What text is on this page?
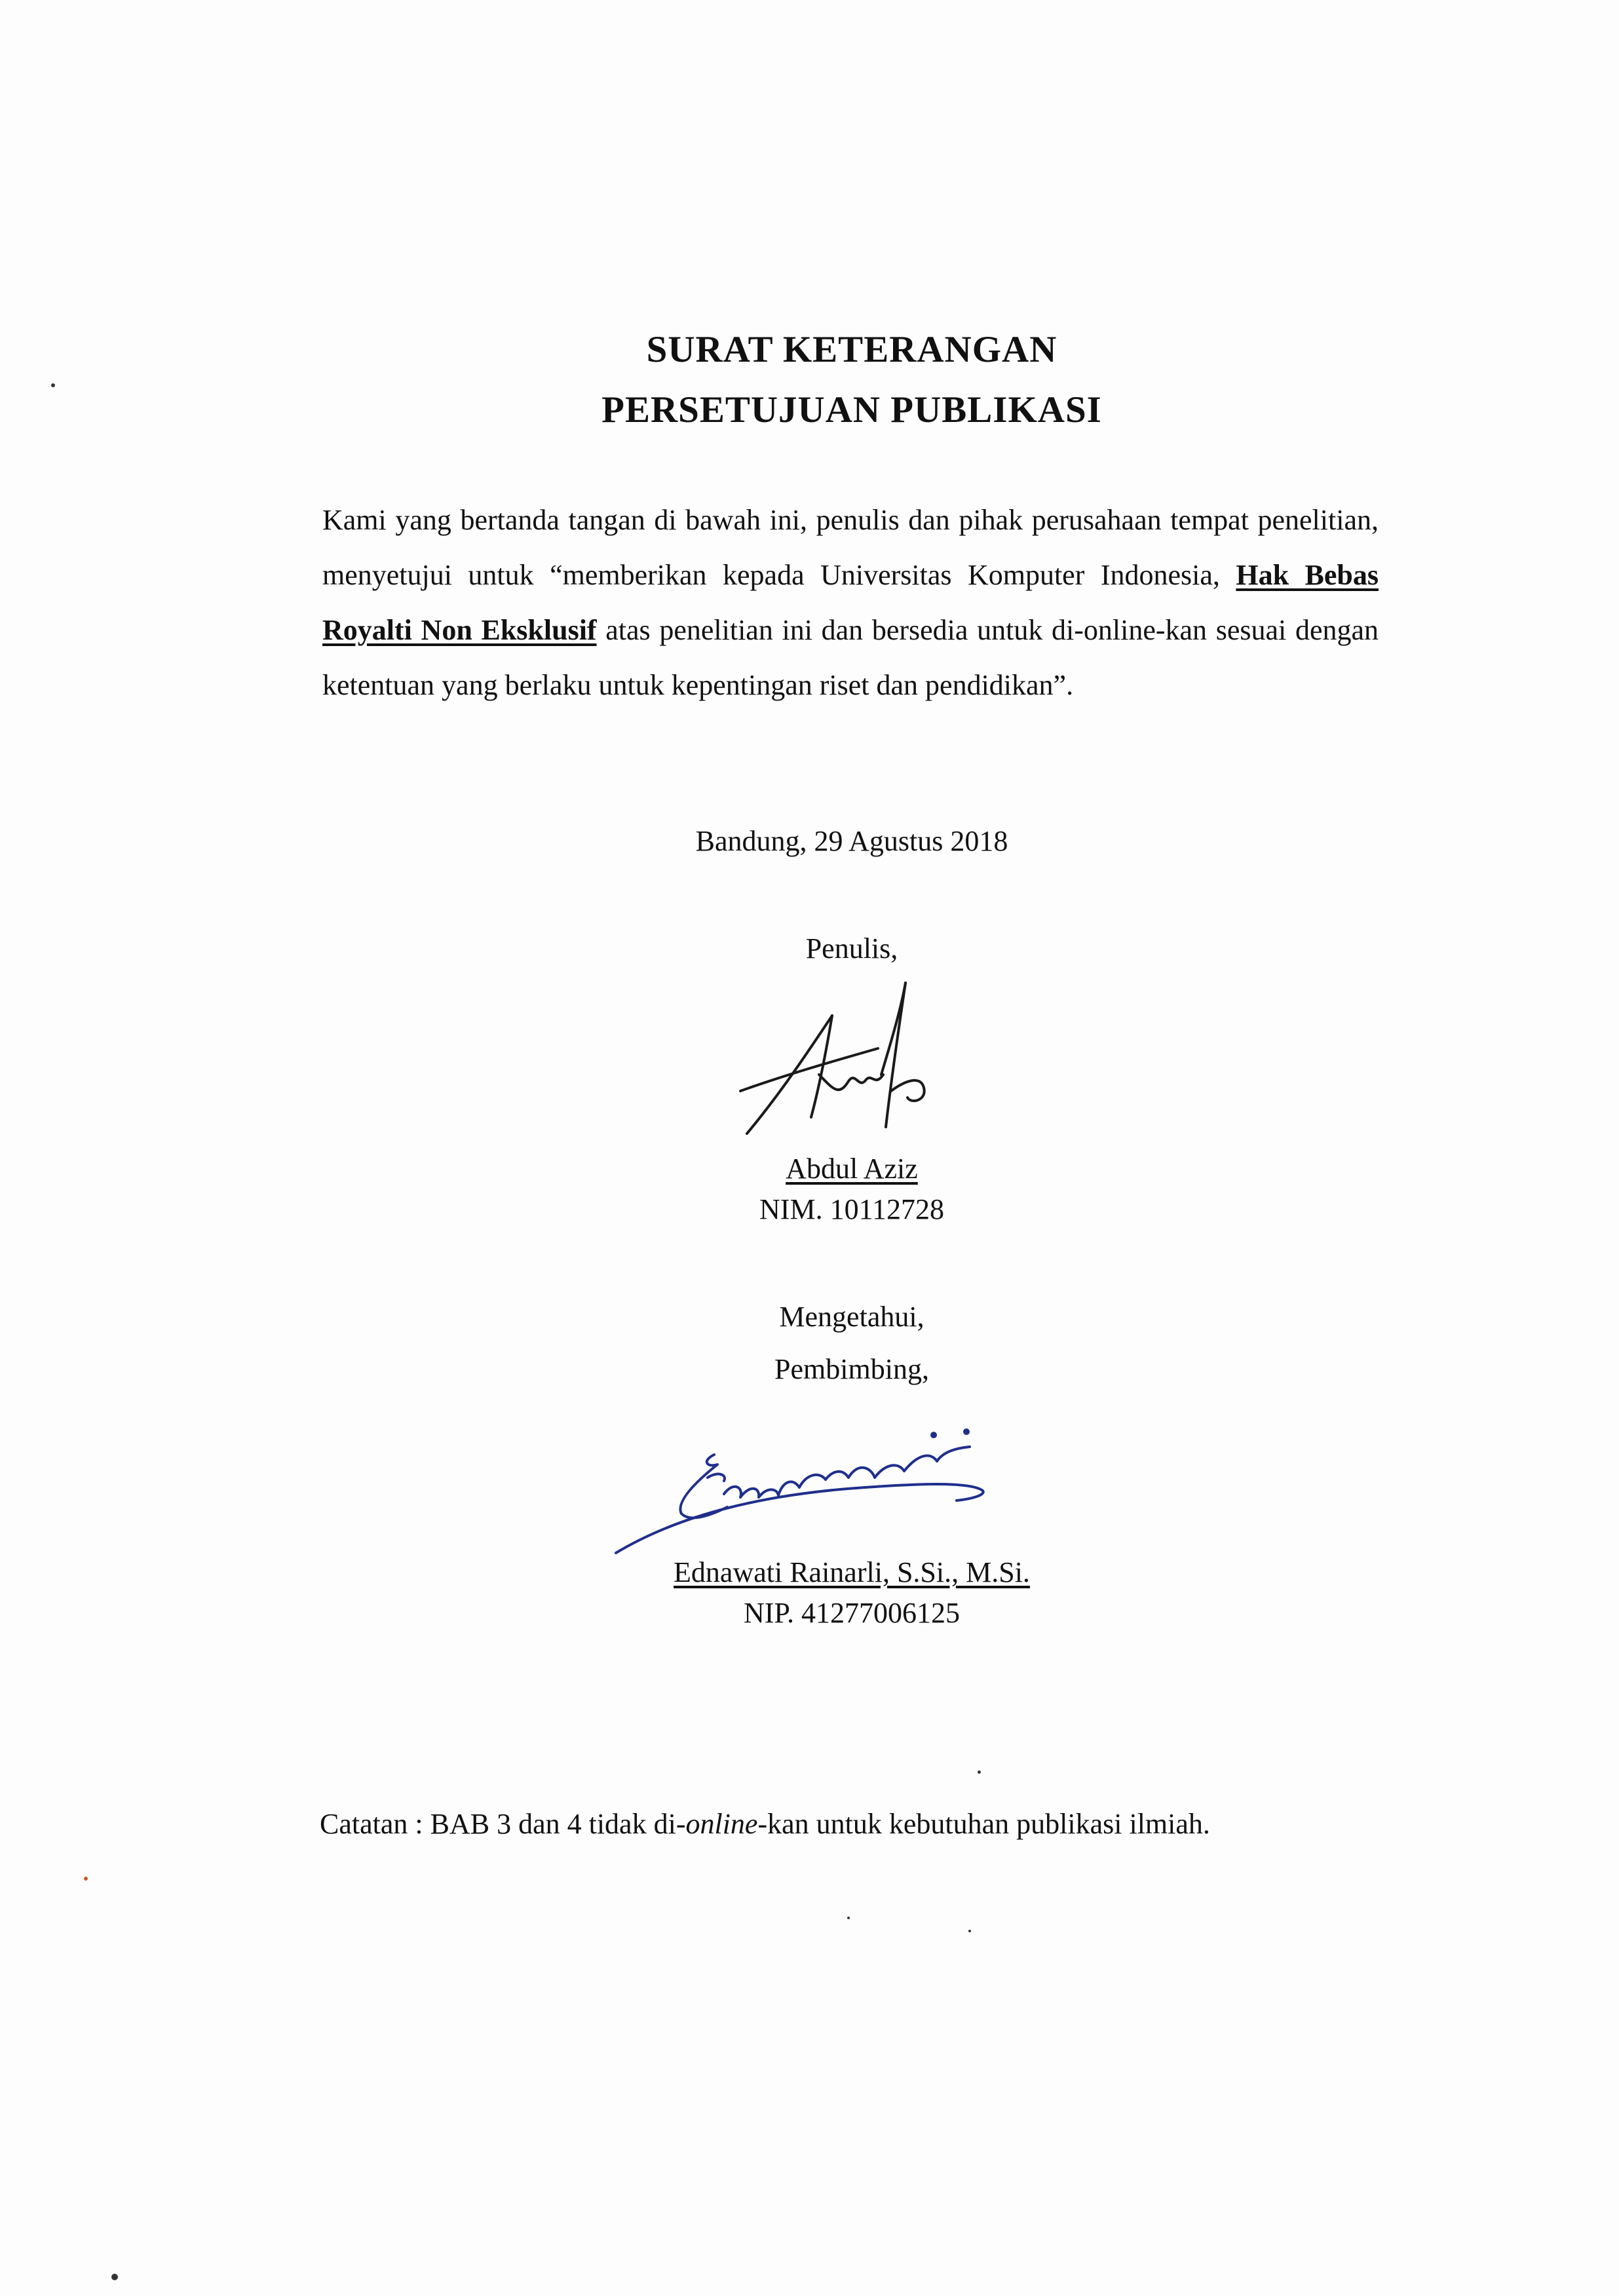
SURAT KETERANGAN
PERSETUJUAN PUBLIKASI
Kami yang bertanda tangan di bawah ini, penulis dan pihak perusahaan tempat penelitian, menyetujui untuk “memberikan kepada Universitas Komputer Indonesia, Hak Bebas Royalti Non Eksklusif atas penelitian ini dan bersedia untuk di-online-kan sesuai dengan ketentuan yang berlaku untuk kepentingan riset dan pendidikan”.
Bandung, 29 Agustus 2018
Penulis,
Abdul Aziz
NIM. 10112728
Mengetahui,
Pembimbing,
Ednawati Rainarli, S.Si., M.Si.
NIP. 41277006125
Catatan : BAB 3 dan 4 tidak di-online-kan untuk kebutuhan publikasi ilmiah.
